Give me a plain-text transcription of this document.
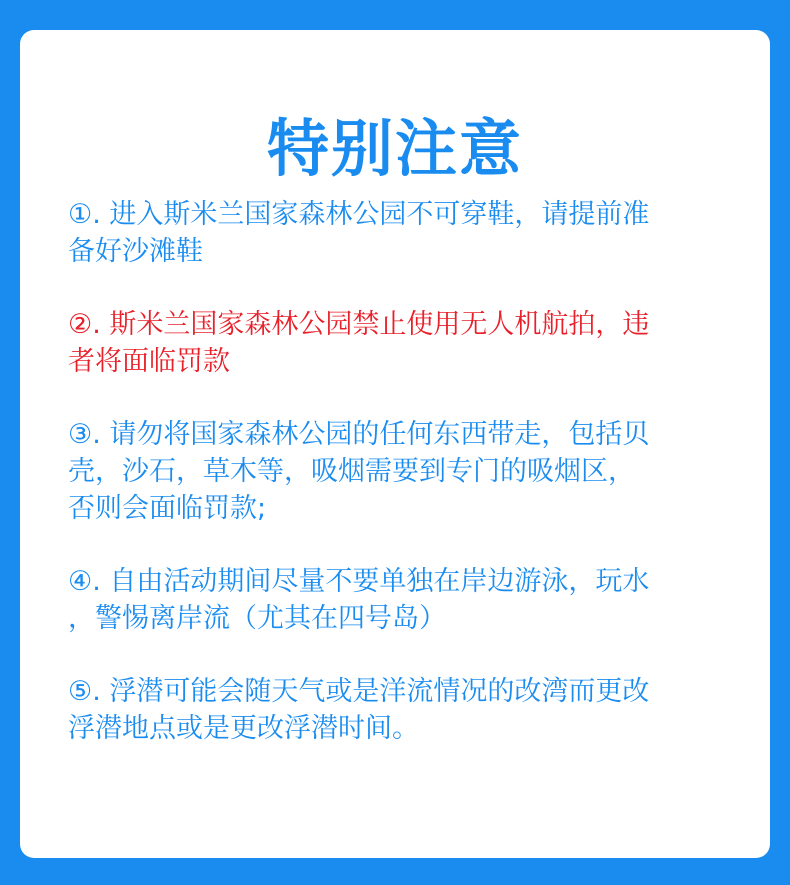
特别注意
①. 进入斯米兰国家森林公园不可穿鞋，请提前准
备好沙滩鞋
②. 斯米兰国家森林公园禁止使用无人机航拍，违
者将面临罚款
③. 请勿将国家森林公园的任何东西带走，包括贝
壳，沙石，草木等，吸烟需要到专门的吸烟区，
否则会面临罚款;
④. 自由活动期间尽量不要单独在岸边游泳，玩水
，警惕离岸流（尤其在四号岛）
⑤. 浮潜可能会随天气或是洋流情况的改湾而更改
浮潜地点或是更改浮潜时间。
